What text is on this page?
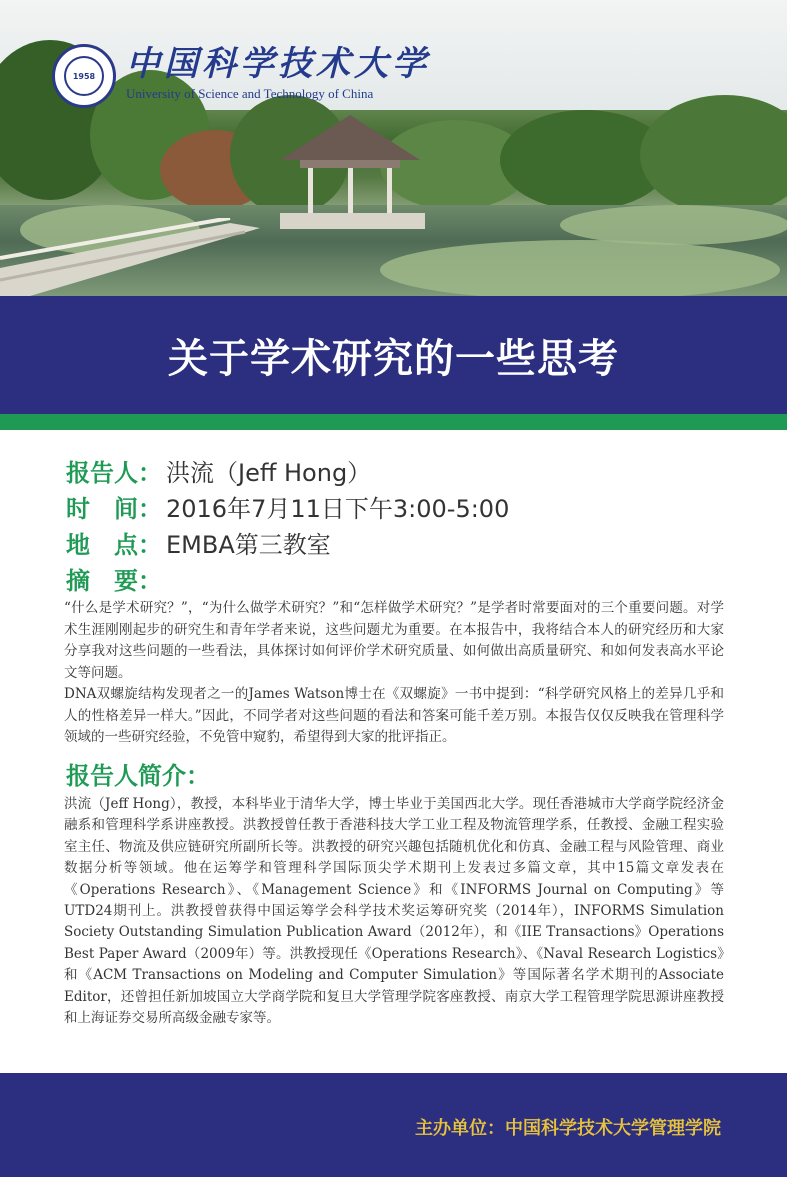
1958 中国科学技术大学
University of Science and Technology of China
关于学术研究的一些思考
报告人 ： 洪流（Jeff Hong）
时　间 ： 2016年7月11日下午3:00-5:00
地　点 ： EMBA第三教室
摘　要 ：

“什么是学术研究？”，“为什么做学术研究？”和“怎样做学术研究？”是学者时常要面对的三个重要问题。对学术生涯刚刚起步的研究生和青年学者来说，这些问题尤为重要。在本报告中，我将结合本人的研究经历和大家分享我对这些问题的一些看法，具体探讨如何评价学术研究质量、如何做出高质量研究、和如何发表高水平论文等问题。

DNA双螺旋结构发现者之一的James Watson博士在《双螺旋》一书中提到：“科学研究风格上的差异几乎和人的性格差异一样大。”因此，不同学者对这些问题的看法和答案可能千差万别。本报告仅仅反映我在管理科学领域的一些研究经验，不免管中窥豹，希望得到大家的批评指正。

报告人简介：
洪流（Jeff Hong），教授，本科毕业于清华大学，博士毕业于美国西北大学。现任香港城市大学商学院经济金融系和管理科学系讲座教授。洪教授曾任教于香港科技大学工业工程及物流管理学系，任教授、金融工程实验室主任、物流及供应链研究所副所长等。洪教授的研究兴趣包括随机优化和仿真、金融工程与风险管理、商业数据分析等领域。他在运筹学和管理科学国际顶尖学术期刊上发表过多篇文章，其中15篇文章发表在《Operations Research》、《Management Science》和《INFORMS Journal on Computing》等UTD24期刊上。洪教授曾获得中国运筹学会科学技术奖运筹研究奖（2014年），INFORMS Simulation Society Outstanding Simulation Publication Award（2012年），和《IIE Transactions》Operations Best Paper Award（2009年）等。洪教授现任《Operations Research》、《Naval Research Logistics》和《ACM Transactions on Modeling and Computer Simulation》等国际著名学术期刊的Associate Editor，还曾担任新加坡国立大学商学院和复旦大学管理学院客座教授、南京大学工程管理学院思源讲座教授和上海证券交易所高级金融专家等。
主办单位：中国科学技术大学管理学院
